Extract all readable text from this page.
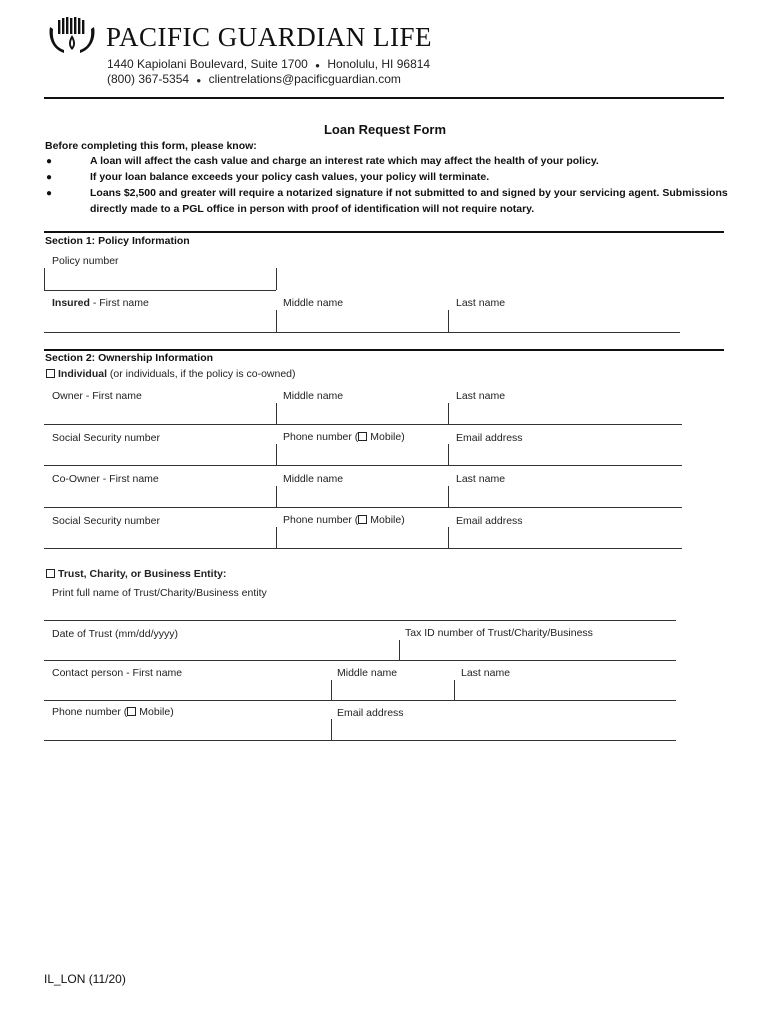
PACIFIC GUARDIAN LIFE
1440 Kapiolani Boulevard, Suite 1700 ● Honolulu, HI 96814
(800) 367-5354 ● clientrelations@pacificguardian.com
Loan Request Form
Before completing this form, please know:
●	A loan will affect the cash value and charge an interest rate which may affect the health of your policy.
●	If your loan balance exceeds your policy cash values, your policy will terminate.
●	Loans $2,500 and greater will require a notarized signature if not submitted to and signed by your servicing agent. Submissions directly made to a PGL office in person with proof of identification will not require notary.
Section 1: Policy Information
Policy number
Insured - First name	Middle name	Last name
Section 2: Ownership Information
Individual (or individuals, if the policy is co-owned)
Owner - First name	Middle name	Last name
Social Security number	Phone number ( Mobile)	Email address
Co-Owner - First name	Middle name	Last name
Social Security number	Phone number ( Mobile)	Email address
Trust, Charity, or Business Entity:
Print full name of Trust/Charity/Business entity
Date of Trust (mm/dd/yyyy)	Tax ID number of Trust/Charity/Business
Contact person - First name	Middle name	Last name
Phone number ( Mobile)	Email address
IL_LON (11/20)
